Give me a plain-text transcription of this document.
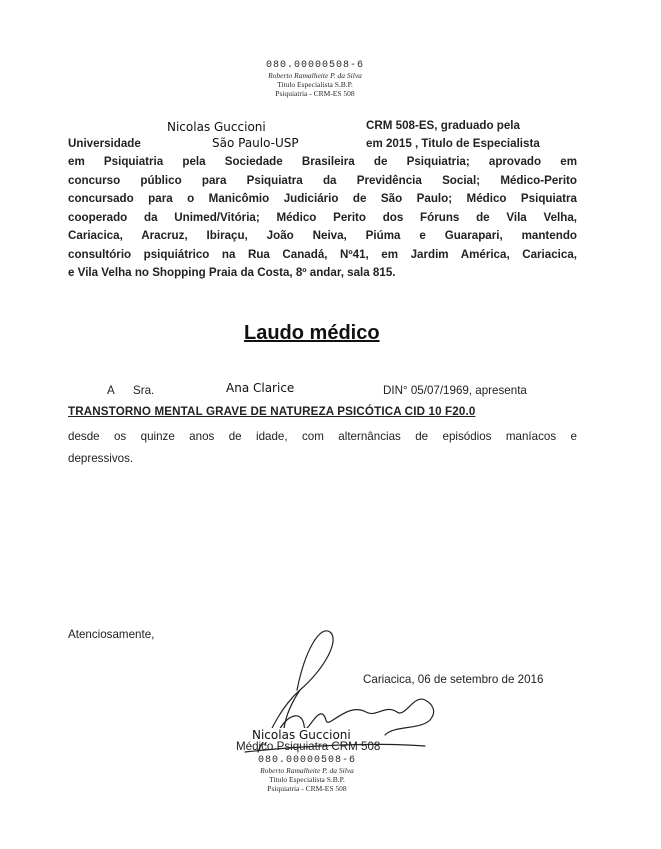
080.00000508-6
Roberto Ramalheite P. da Silva
Titulo Especialista S.B.P.
Psiquiatria - CRM-ES 508
Nicolas Guccioni	CRM 508-ES, graduado pela
Universidade	São Paulo-USP	em 2015 , Titulo de Especialista
em Psiquiatria pela Sociedade Brasileira de Psiquiatria; aprovado em
concurso público para Psiquiatra da Previdência Social; Médico-Perito
concursado para o Manicômio Judiciário de São Paulo; Médico Psiquiatra
cooperado da Unimed/Vitória; Médico Perito dos Fóruns de Vila Velha,
Cariacica, Aracruz, Ibiraçu, João Neiva, Piúma e Guarapari, mantendo
consultório psiquiátrico na Rua Canadá, Nº41, em Jardim América, Cariacica,
e Vila Velha no Shopping Praia da Costa, 8º andar, sala 815.
Laudo médico
A Sra.	Ana Clarice	DIN° 05/07/1969, apresenta
TRANSTORNO MENTAL GRAVE DE NATUREZA PSICÓTICA CID 10 F20.0
desde os quinze anos de idade, com alternâncias de episódios maníacos e
depressivos.
Atenciosamente,
Cariacica, 06 de setembro de 2016
Nicolas Guccioni
Médico Psiquiatra CRM 508
080.00000508-6
Roberto Ramalheite P. da Silva
Titulo Especialista S.B.P.
Psiquiatria - CRM-ES 508
